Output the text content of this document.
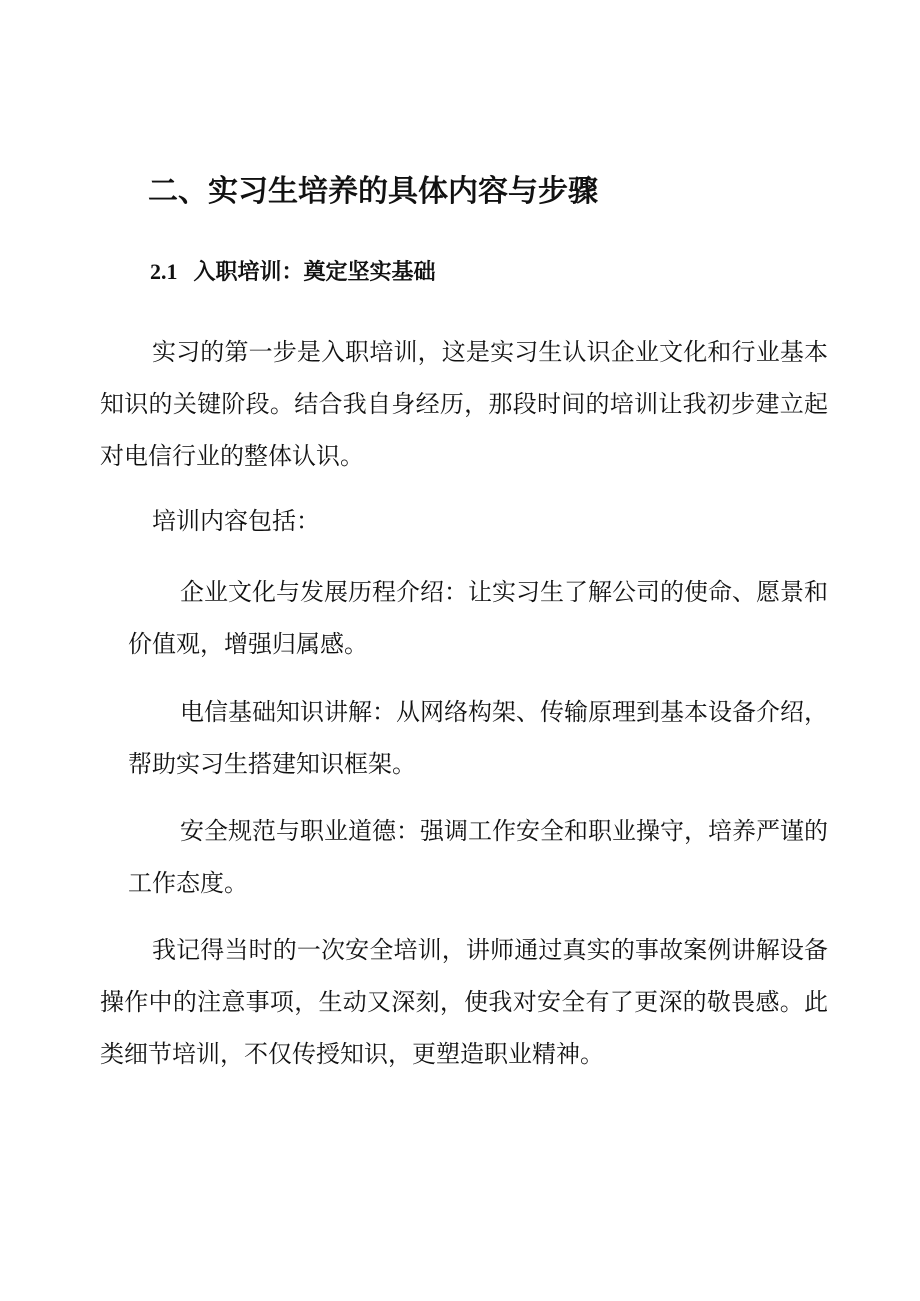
二、实习生培养的具体内容与步骤
2.1 入职培训：奠定坚实基础

实习的第一步是入职培训，这是实习生认识企业文化和行业基本知识的关键阶段。结合我自身经历，那段时间的培训让我初步建立起对电信行业的整体认识。

培训内容包括：

企业文化与发展历程介绍：让实习生了解公司的使命、愿景和价值观，增强归属感。

电信基础知识讲解：从网络构架、传输原理到基本设备介绍，帮助实习生搭建知识框架。

安全规范与职业道德：强调工作安全和职业操守，培养严谨的工作态度。

我记得当时的一次安全培训，讲师通过真实的事故案例讲解设备操作中的注意事项，生动又深刻，使我对安全有了更深的敬畏感。此类细节培训，不仅传授知识，更塑造职业精神。
